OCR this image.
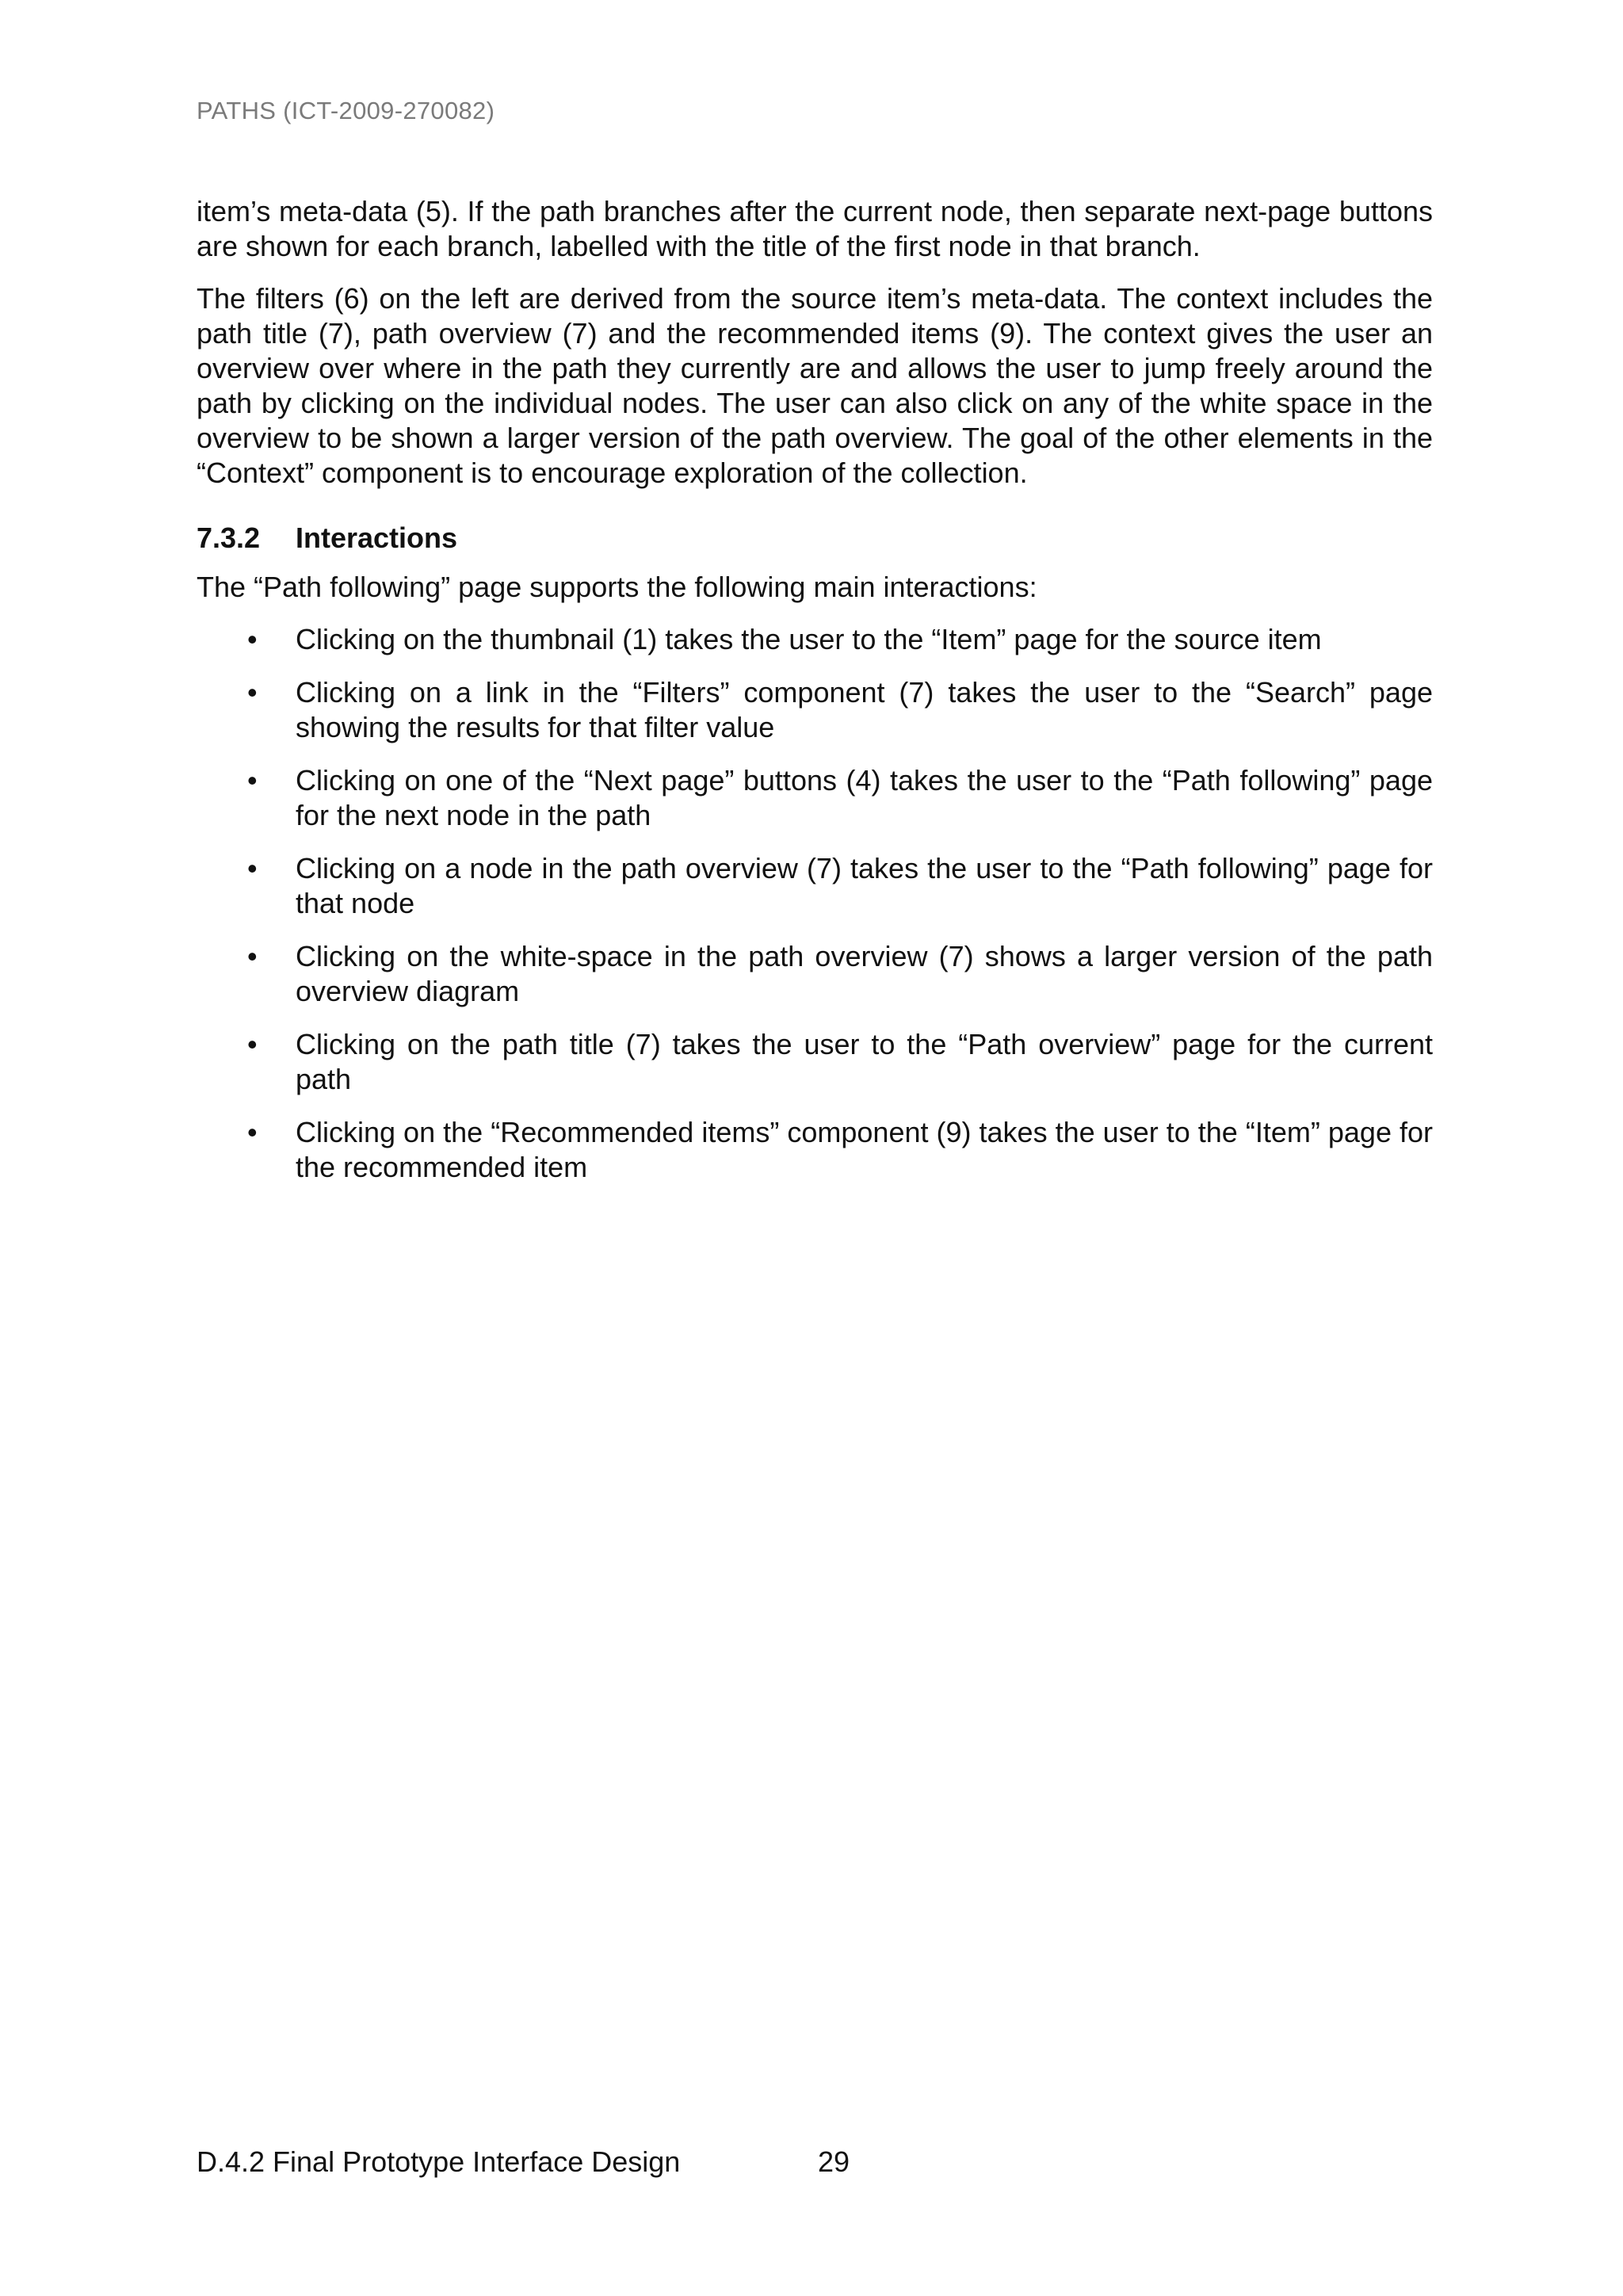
PATHS (ICT-2009-270082)

item’s meta-data (5). If the path branches after the current node, then separate next-page buttons are shown for each branch, labelled with the title of the first node in that branch.

The filters (6) on the left are derived from the source item’s meta-data. The context includes the path title (7), path overview (7) and the recommended items (9). The context gives the user an overview over where in the path they currently are and allows the user to jump freely around the path by clicking on the individual nodes. The user can also click on any of the white space in the overview to be shown a larger version of the path overview. The goal of the other elements in the “Context” component is to encourage exploration of the collection.

7.3.2	Interactions

The “Path following” page supports the following main interactions:

• Clicking on the thumbnail (1) takes the user to the “Item” page for the source item
• Clicking on a link in the “Filters” component (7) takes the user to the “Search” page showing the results for that filter value
• Clicking on one of the “Next page” buttons (4) takes the user to the “Path following” page for the next node in the path
• Clicking on a node in the path overview (7) takes the user to the “Path following” page for that node
• Clicking on the white-space in the path overview (7) shows a larger version of the path overview diagram
• Clicking on the path title (7) takes the user to the “Path overview” page for the current path
• Clicking on the “Recommended items” component (9) takes the user to the “Item” page for the recommended item
D.4.2 Final Prototype Interface Design	29
